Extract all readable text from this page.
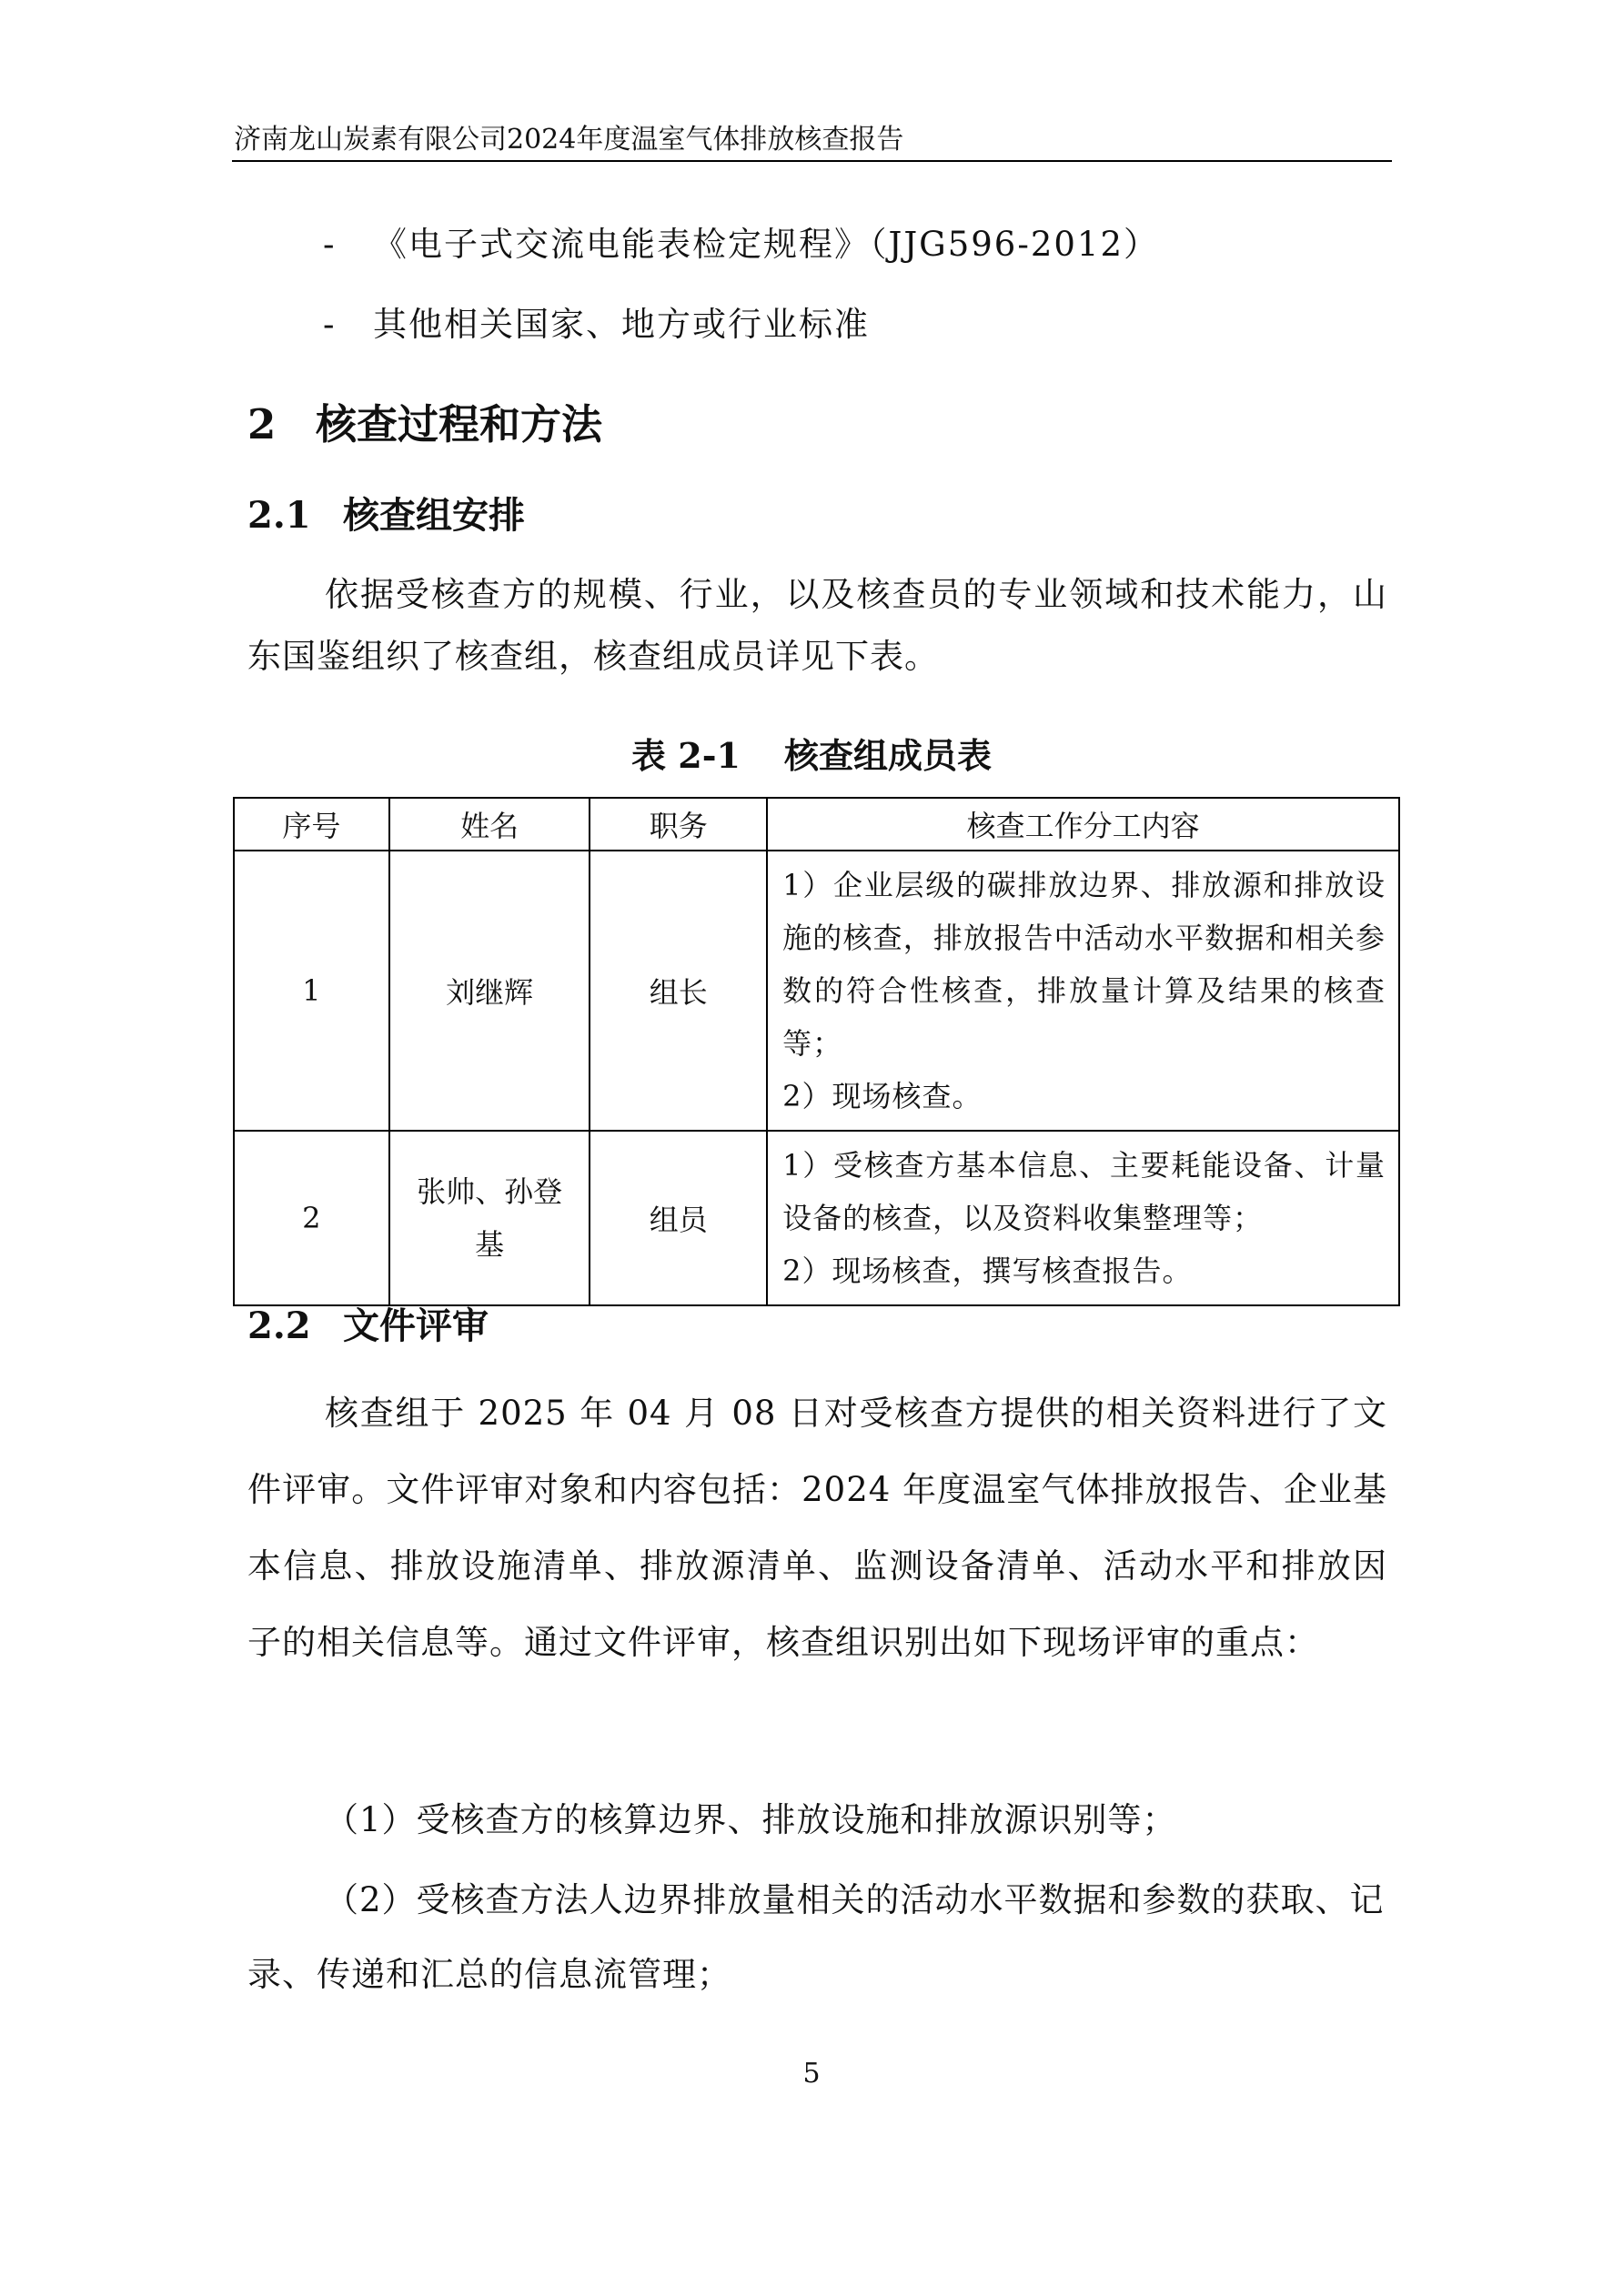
济南龙山炭素有限公司2024年度温室气体排放核查报告
- 《电子式交流电能表检定规程》（JJG596-2012）
- 其他相关国家、地方或行业标准
2 核查过程和方法
2.1 核查组安排

依据受核查方的规模、行业，以及核查员的专业领域和技术能力，山东国鉴组织了核查组，核查组成员详见下表。

表 2-1 核查组成员表
序号	姓名	职务	核查工作分工内容
1	刘继辉	组长	1）企业层级的碳排放边界、排放源和排放设施的核查，排放报告中活动水平数据和相关参数的符合性核查，排放量计算及结果的核查等；
2）现场核查。

2	张帅、孙登基	组员	1）受核查方基本信息、主要耗能设备、计量设备的核查，以及资料收集整理等；
2）现场核查，撰写核查报告。
2.2 文件评审

核查组于 2025 年 04 月 08 日对受核查方提供的相关资料进行了文件评审。文件评审对象和内容包括：2024 年度温室气体排放报告、企业基本信息、排放设施清单、排放源清单、监测设备清单、活动水平和排放因子的相关信息等。通过文件评审，核查组识别出如下现场评审的重点：

（1）受核查方的核算边界、排放设施和排放源识别等；

（2）受核查方法人边界排放量相关的活动水平数据和参数的获取、记录、传递和汇总的信息流管理；

5
